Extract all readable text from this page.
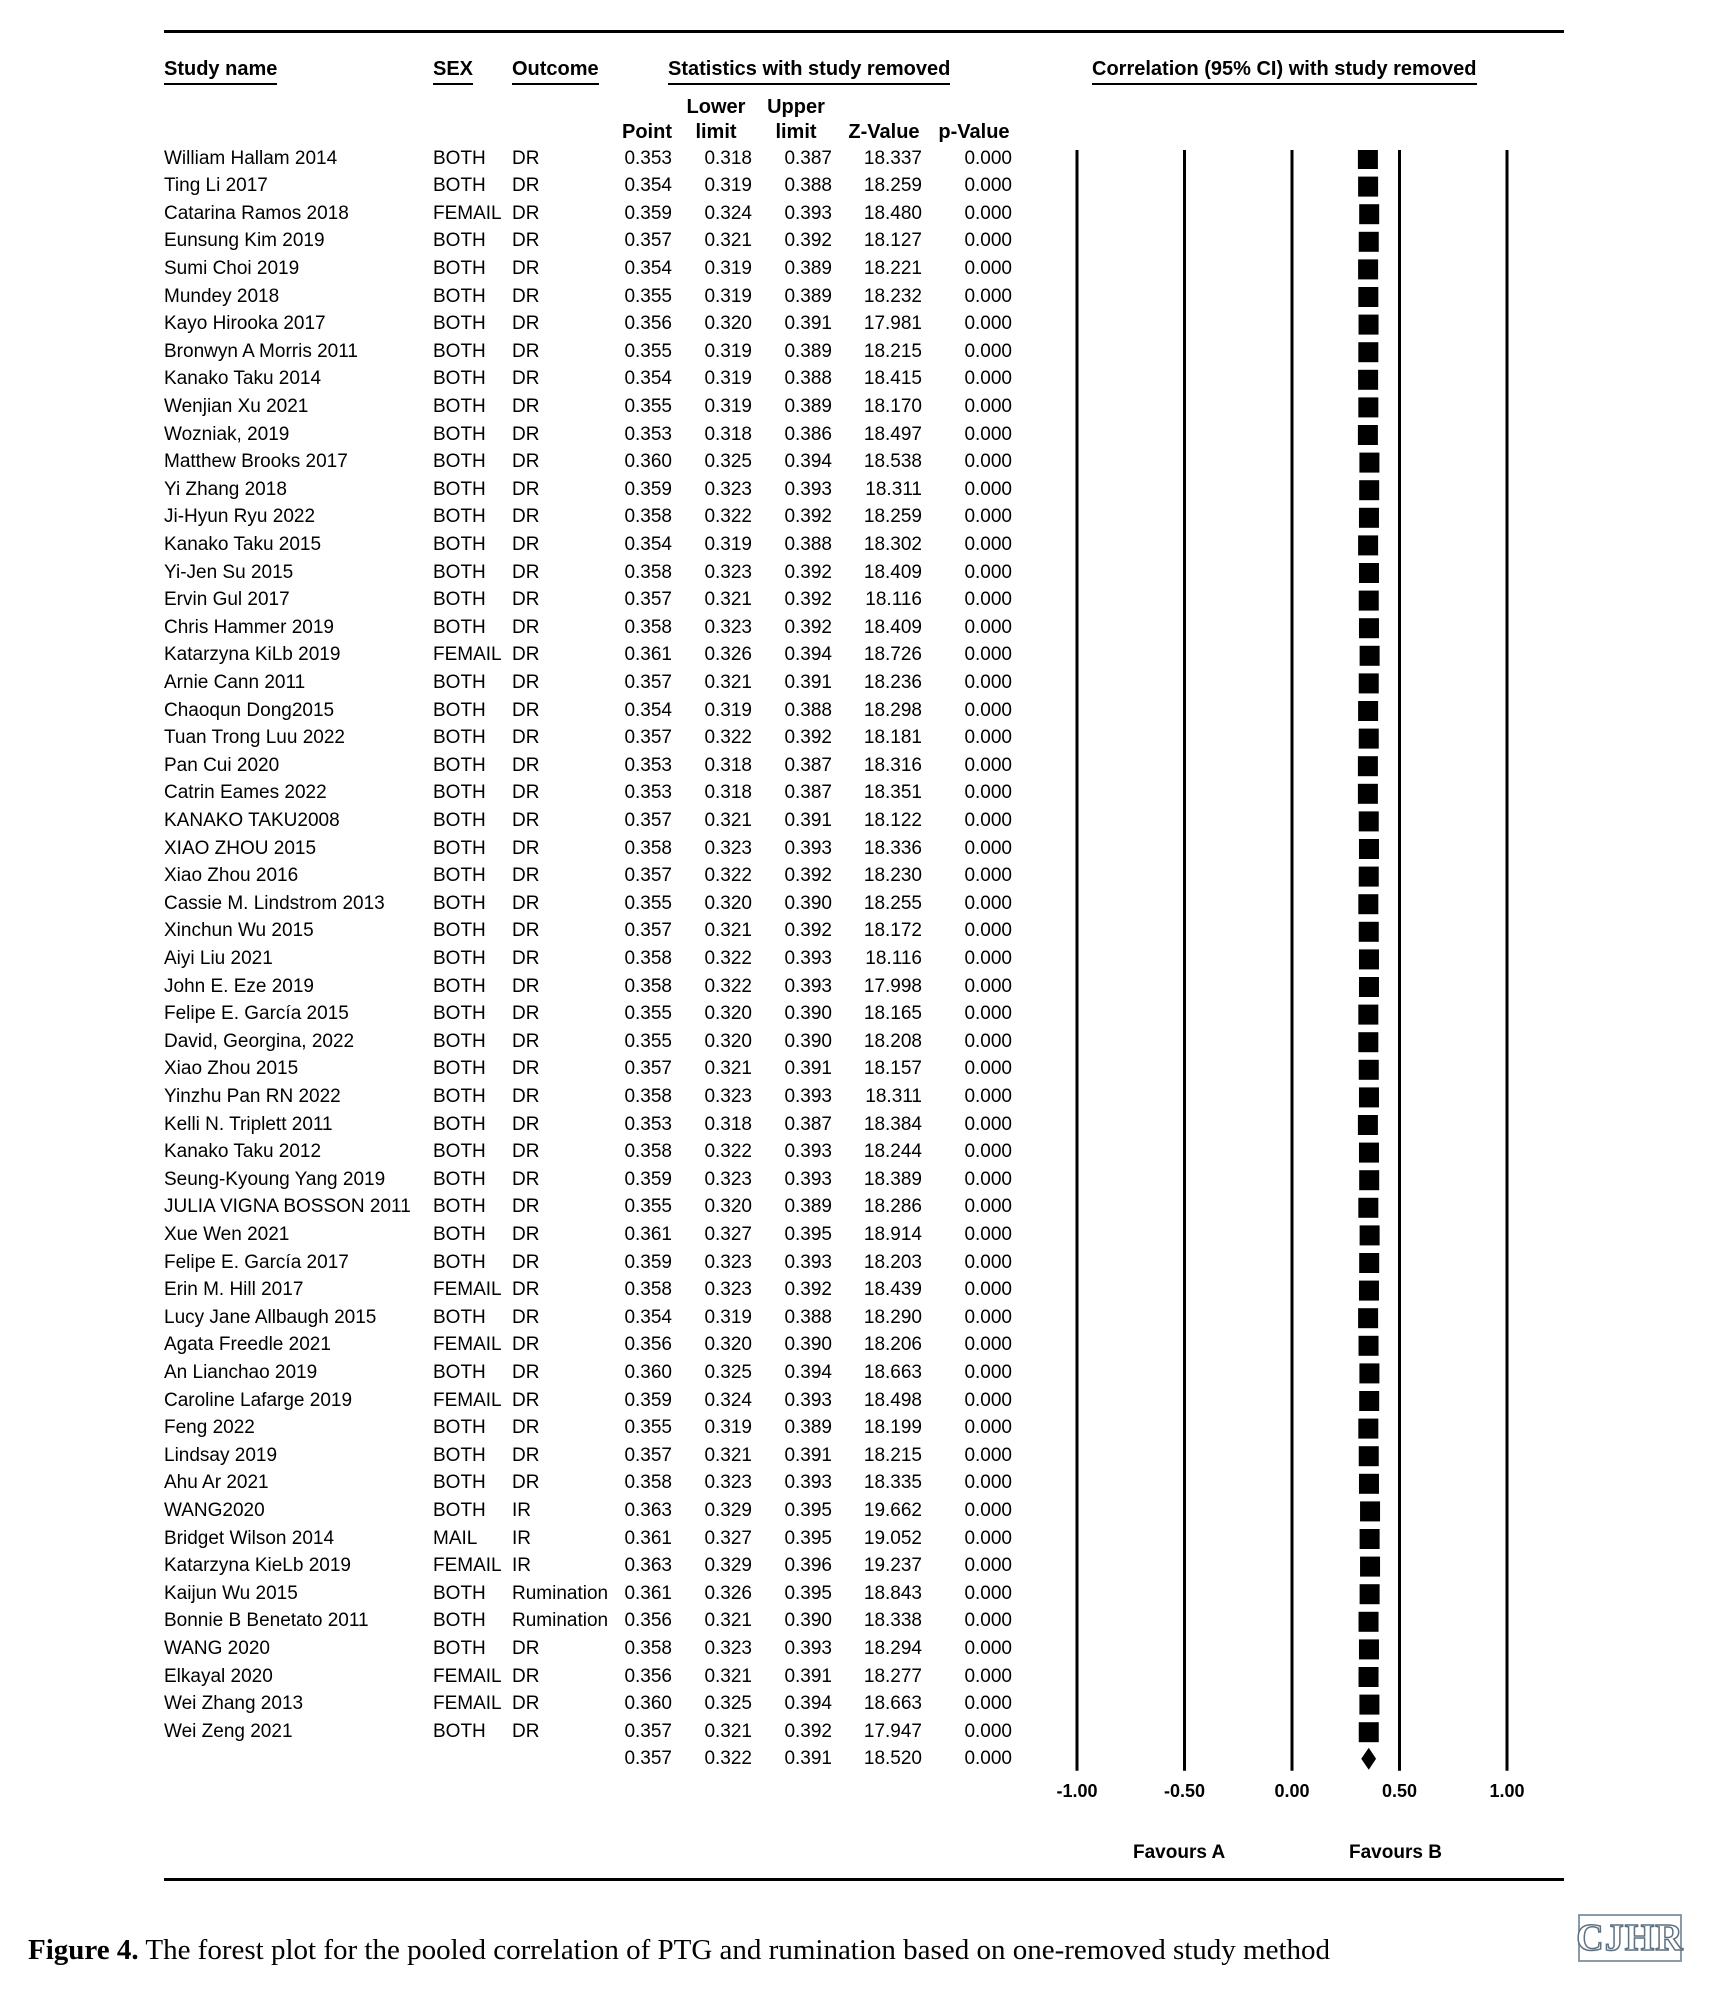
Study name	SEX Outcome	Statistics with study removed	Correlation (95% CI) with study removed
Lower	Upper
Point	limit	limit	Z-Value p-Value
William Hallam 2014	BOTH	DR	0.353	0.318	0.387	18.337	0.000
Ting Li 2017	BOTH	DR	0.354	0.319	0.388	18.259	0.000
Catarina Ramos 2018	FEMAIL DR	0.359	0.324	0.393	18.480	0.000
Eunsung Kim 2019	BOTH	DR	0.357	0.321	0.392	18.127	0.000
Sumi Choi 2019	BOTH	DR	0.354	0.319	0.389	18.221	0.000
Mundey 2018	BOTH	DR	0.355	0.319	0.389	18.232	0.000
Kayo Hirooka 2017	BOTH	DR	0.356	0.320	0.391	17.981	0.000
Bronwyn A Morris 2011	BOTH	DR	0.355	0.319	0.389	18.215	0.000
Kanako Taku 2014	BOTH	DR	0.354	0.319	0.388	18.415	0.000
Wenjian Xu 2021	BOTH	DR	0.355	0.319	0.389	18.170	0.000
Wozniak, 2019	BOTH	DR	0.353	0.318	0.386	18.497	0.000
Matthew Brooks 2017	BOTH	DR	0.360	0.325	0.394	18.538	0.000
Yi Zhang 2018	BOTH	DR	0.359	0.323	0.393	18.311	0.000
Ji-Hyun Ryu 2022	BOTH	DR	0.358	0.322	0.392	18.259	0.000
Kanako Taku 2015	BOTH	DR	0.354	0.319	0.388	18.302	0.000
Yi-Jen Su 2015	BOTH	DR	0.358	0.323	0.392	18.409	0.000
Ervin Gul 2017	BOTH	DR	0.357	0.321	0.392	18.116	0.000
Chris Hammer 2019	BOTH	DR	0.358	0.323	0.392	18.409	0.000
Katarzyna KiLb 2019	FEMAIL DR	0.361	0.326	0.394	18.726	0.000
Arnie Cann 2011	BOTH	DR	0.357	0.321	0.391	18.236	0.000
Chaoqun Dong2015	BOTH	DR	0.354	0.319	0.388	18.298	0.000
Tuan Trong Luu 2022	BOTH	DR	0.357	0.322	0.392	18.181	0.000
Pan Cui 2020	BOTH	DR	0.353	0.318	0.387	18.316	0.000
Catrin Eames 2022	BOTH	DR	0.353	0.318	0.387	18.351	0.000
KANAKO TAKU2008	BOTH	DR	0.357	0.321	0.391	18.122	0.000
XIAO ZHOU 2015	BOTH	DR	0.358	0.323	0.393	18.336	0.000
Xiao Zhou 2016	BOTH	DR	0.357	0.322	0.392	18.230	0.000
Cassie M. Lindstrom 2013	BOTH	DR	0.355	0.320	0.390	18.255	0.000
Xinchun Wu 2015	BOTH	DR	0.357	0.321	0.392	18.172	0.000
Aiyi Liu 2021	BOTH	DR	0.358	0.322	0.393	18.116	0.000
John E. Eze 2019	BOTH	DR	0.358	0.322	0.393	17.998	0.000
Felipe E. García 2015	BOTH	DR	0.355	0.320	0.390	18.165	0.000
David, Georgina, 2022	BOTH	DR	0.355	0.320	0.390	18.208	0.000
Xiao Zhou 2015	BOTH	DR	0.357	0.321	0.391	18.157	0.000
Yinzhu Pan RN 2022	BOTH	DR	0.358	0.323	0.393	18.311	0.000
Kelli N. Triplett 2011	BOTH	DR	0.353	0.318	0.387	18.384	0.000
Kanako Taku 2012	BOTH	DR	0.358	0.322	0.393	18.244	0.000
Seung-Kyoung Yang 2019	BOTH	DR	0.359	0.323	0.393	18.389	0.000
JULIA VIGNA BOSSON 2011	BOTH	DR	0.355	0.320	0.389	18.286	0.000
Xue Wen 2021	BOTH	DR	0.361	0.327	0.395	18.914	0.000
Felipe E. García 2017	BOTH	DR	0.359	0.323	0.393	18.203	0.000
Erin M. Hill 2017	FEMAIL DR	0.358	0.323	0.392	18.439	0.000
Lucy Jane Allbaugh 2015	BOTH	DR	0.354	0.319	0.388	18.290	0.000
Agata Freedle 2021	FEMAIL DR	0.356	0.320	0.390	18.206	0.000
An Lianchao 2019	BOTH	DR	0.360	0.325	0.394	18.663	0.000
Caroline Lafarge 2019	FEMAIL DR	0.359	0.324	0.393	18.498	0.000
Feng 2022	BOTH	DR	0.355	0.319	0.389	18.199	0.000
Lindsay 2019	BOTH	DR	0.357	0.321	0.391	18.215	0.000
Ahu Ar 2021	BOTH	DR	0.358	0.323	0.393	18.335	0.000
WANG2020	BOTH	IR	0.363	0.329	0.395	19.662	0.000
Bridget Wilson 2014	MAIL	IR	0.361	0.327	0.395	19.052	0.000
Katarzyna KieLb 2019	FEMAIL IR	0.363	0.329	0.396	19.237	0.000
Kaijun Wu 2015	BOTH	Rumination 0.361	0.326	0.395	18.843	0.000
Bonnie B Benetato 2011	BOTH	Rumination 0.356	0.321	0.390	18.338	0.000
WANG 2020	BOTH	DR	0.358	0.323	0.393	18.294	0.000
Elkayal 2020	FEMAIL DR	0.356	0.321	0.391	18.277	0.000
Wei Zhang 2013	FEMAIL DR	0.360	0.325	0.394	18.663	0.000
Wei Zeng 2021	BOTH	DR	0.357	0.321	0.392	17.947	0.000
0.357	0.322	0.391	18.520	0.000
-1.00	-0.50	0.00	0.50	1.00
Favours A	Favours B
Figure 4. The forest plot for the pooled correlation of PTG and rumination based on one-removed study method	CJHR
